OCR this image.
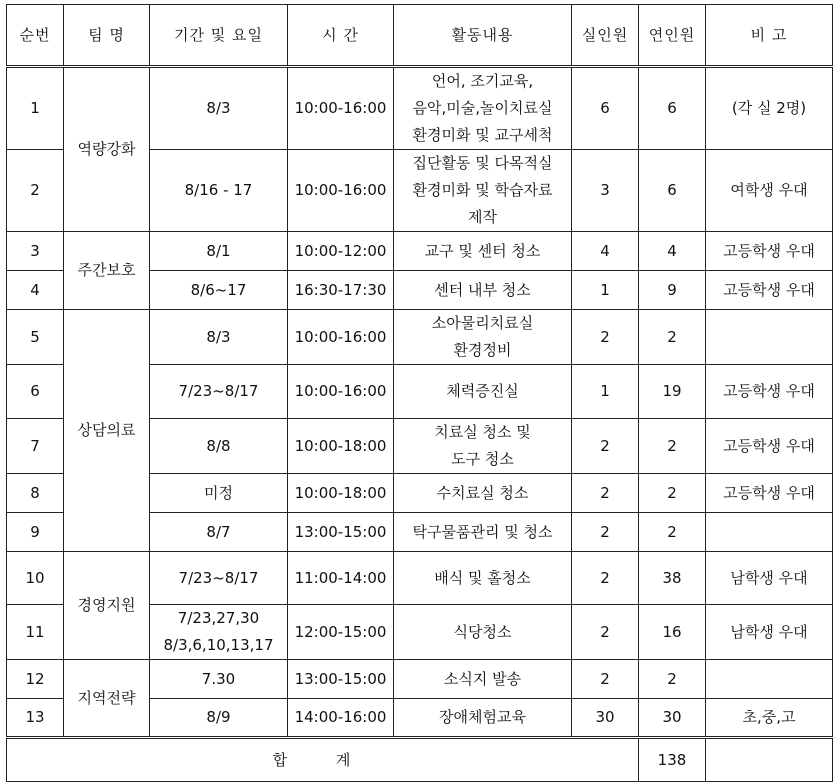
순번	팀 명	기간 및 요일	시 간	활동내용	실인원	연인원	비 고
1	역량강화	8/3	10:00-16:00	언어, 조기교육,
음악,미술,놀이치료실
환경미화 및 교구세척	6	6	(각 실 2명)
2		8/16 - 17	10:00-16:00	집단활동 및 다목적실
환경미화 및 학습자료
제작	3	6	여학생 우대
3	주간보호	8/1	10:00-12:00	교구 및 센터 청소	4	4	고등학생 우대
4		8/6~17	16:30-17:30	센터 내부 청소	1	9	고등학생 우대
5	상담의료	8/3	10:00-16:00	소아물리치료실
환경정비	2	2	
6		7/23~8/17	10:00-16:00	체력증진실	1	19	고등학생 우대
7		8/8	10:00-18:00	치료실 청소 및
도구 청소	2	2	고등학생 우대
8		미정	10:00-18:00	수치료실 청소	2	2	고등학생 우대
9		8/7	13:00-15:00	탁구물품관리 및 청소	2	2	
10	경영지원	7/23~8/17	11:00-14:00	배식 및 홀청소	2	38	남학생 우대
11		7/23,27,30
8/3,6,10,13,17	12:00-15:00	식당청소	2	16	남학생 우대
12	지역전략	7.30	13:00-15:00	소식지 발송	2	2	
13		8/9	14:00-16:00	장애체험교육	30	30	초,중,고
합 계						138	
